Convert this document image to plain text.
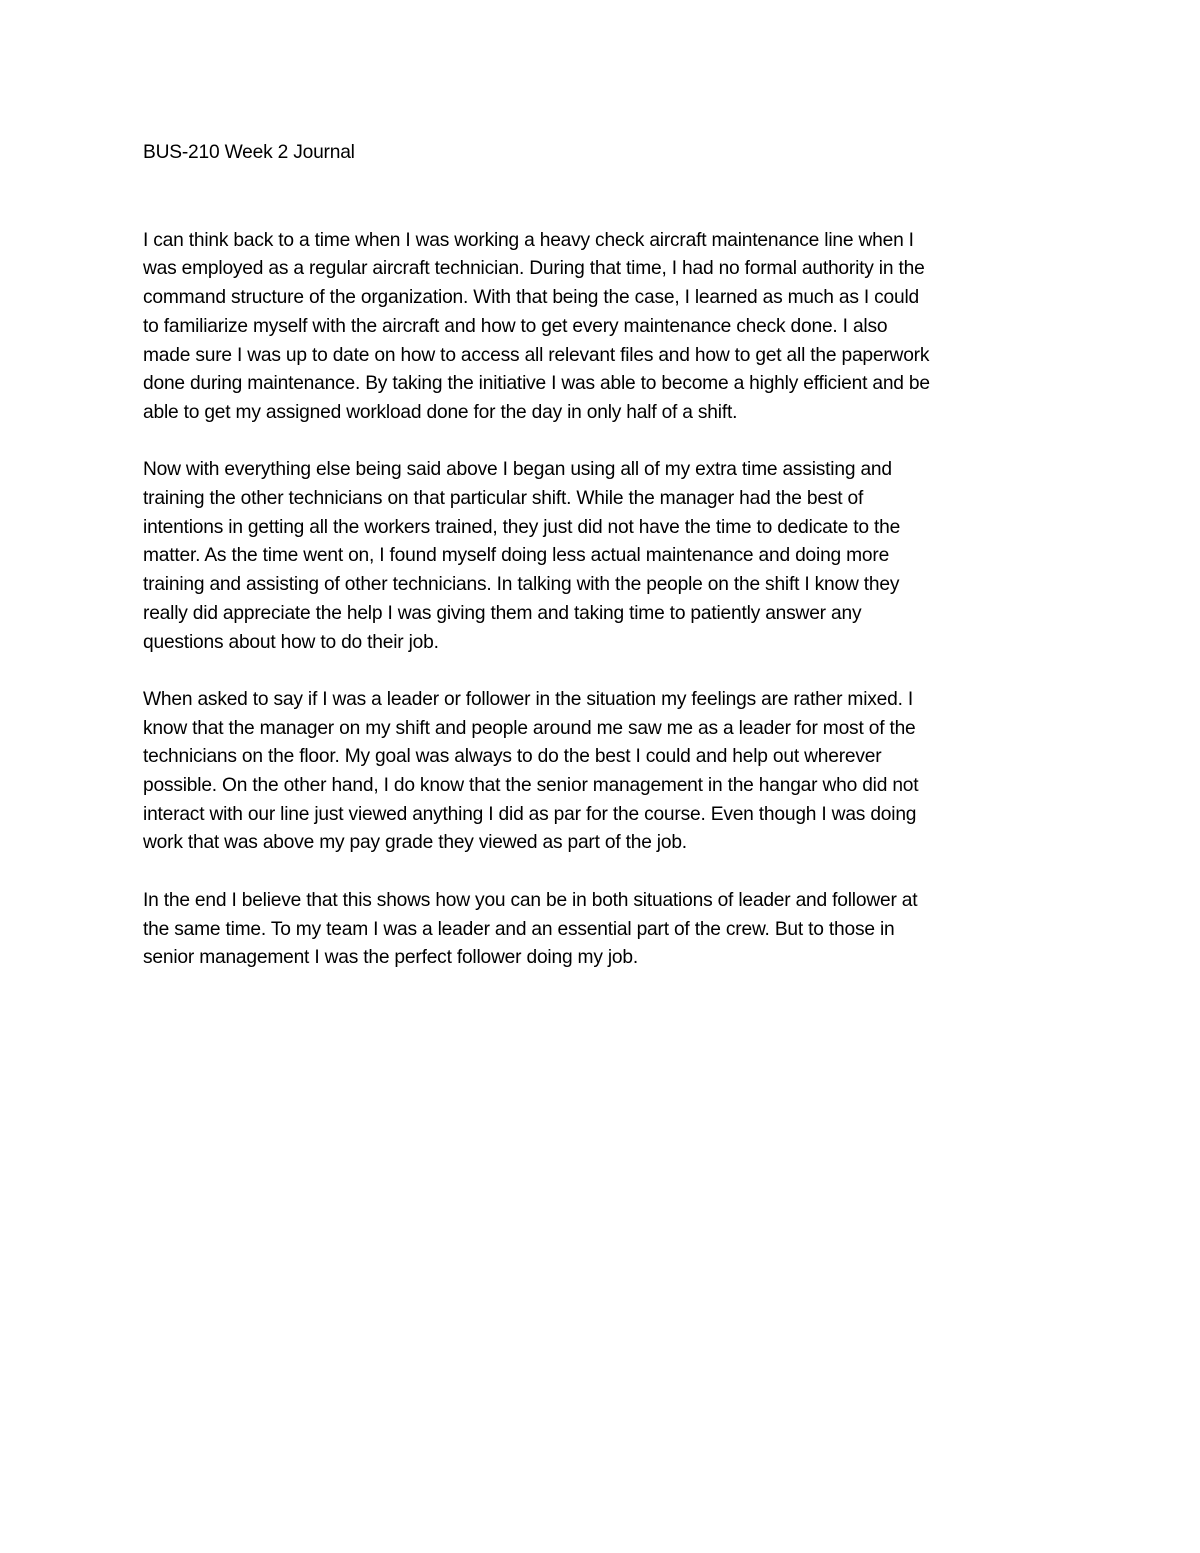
BUS-210 Week 2 Journal
I can think back to a time when I was working a heavy check aircraft maintenance line when I
was employed as a regular aircraft technician. During that time, I had no formal authority in the
command structure of the organization. With that being the case, I learned as much as I could
to familiarize myself with the aircraft and how to get every maintenance check done. I also
made sure I was up to date on how to access all relevant files and how to get all the paperwork
done during maintenance. By taking the initiative I was able to become a highly efficient and be
able to get my assigned workload done for the day in only half of a shift.
Now with everything else being said above I began using all of my extra time assisting and
training the other technicians on that particular shift. While the manager had the best of
intentions in getting all the workers trained, they just did not have the time to dedicate to the
matter. As the time went on, I found myself doing less actual maintenance and doing more
training and assisting of other technicians. In talking with the people on the shift I know they
really did appreciate the help I was giving them and taking time to patiently answer any
questions about how to do their job.
When asked to say if I was a leader or follower in the situation my feelings are rather mixed. I
know that the manager on my shift and people around me saw me as a leader for most of the
technicians on the floor. My goal was always to do the best I could and help out wherever
possible. On the other hand, I do know that the senior management in the hangar who did not
interact with our line just viewed anything I did as par for the course. Even though I was doing
work that was above my pay grade they viewed as part of the job.
In the end I believe that this shows how you can be in both situations of leader and follower at
the same time. To my team I was a leader and an essential part of the crew. But to those in
senior management I was the perfect follower doing my job.
